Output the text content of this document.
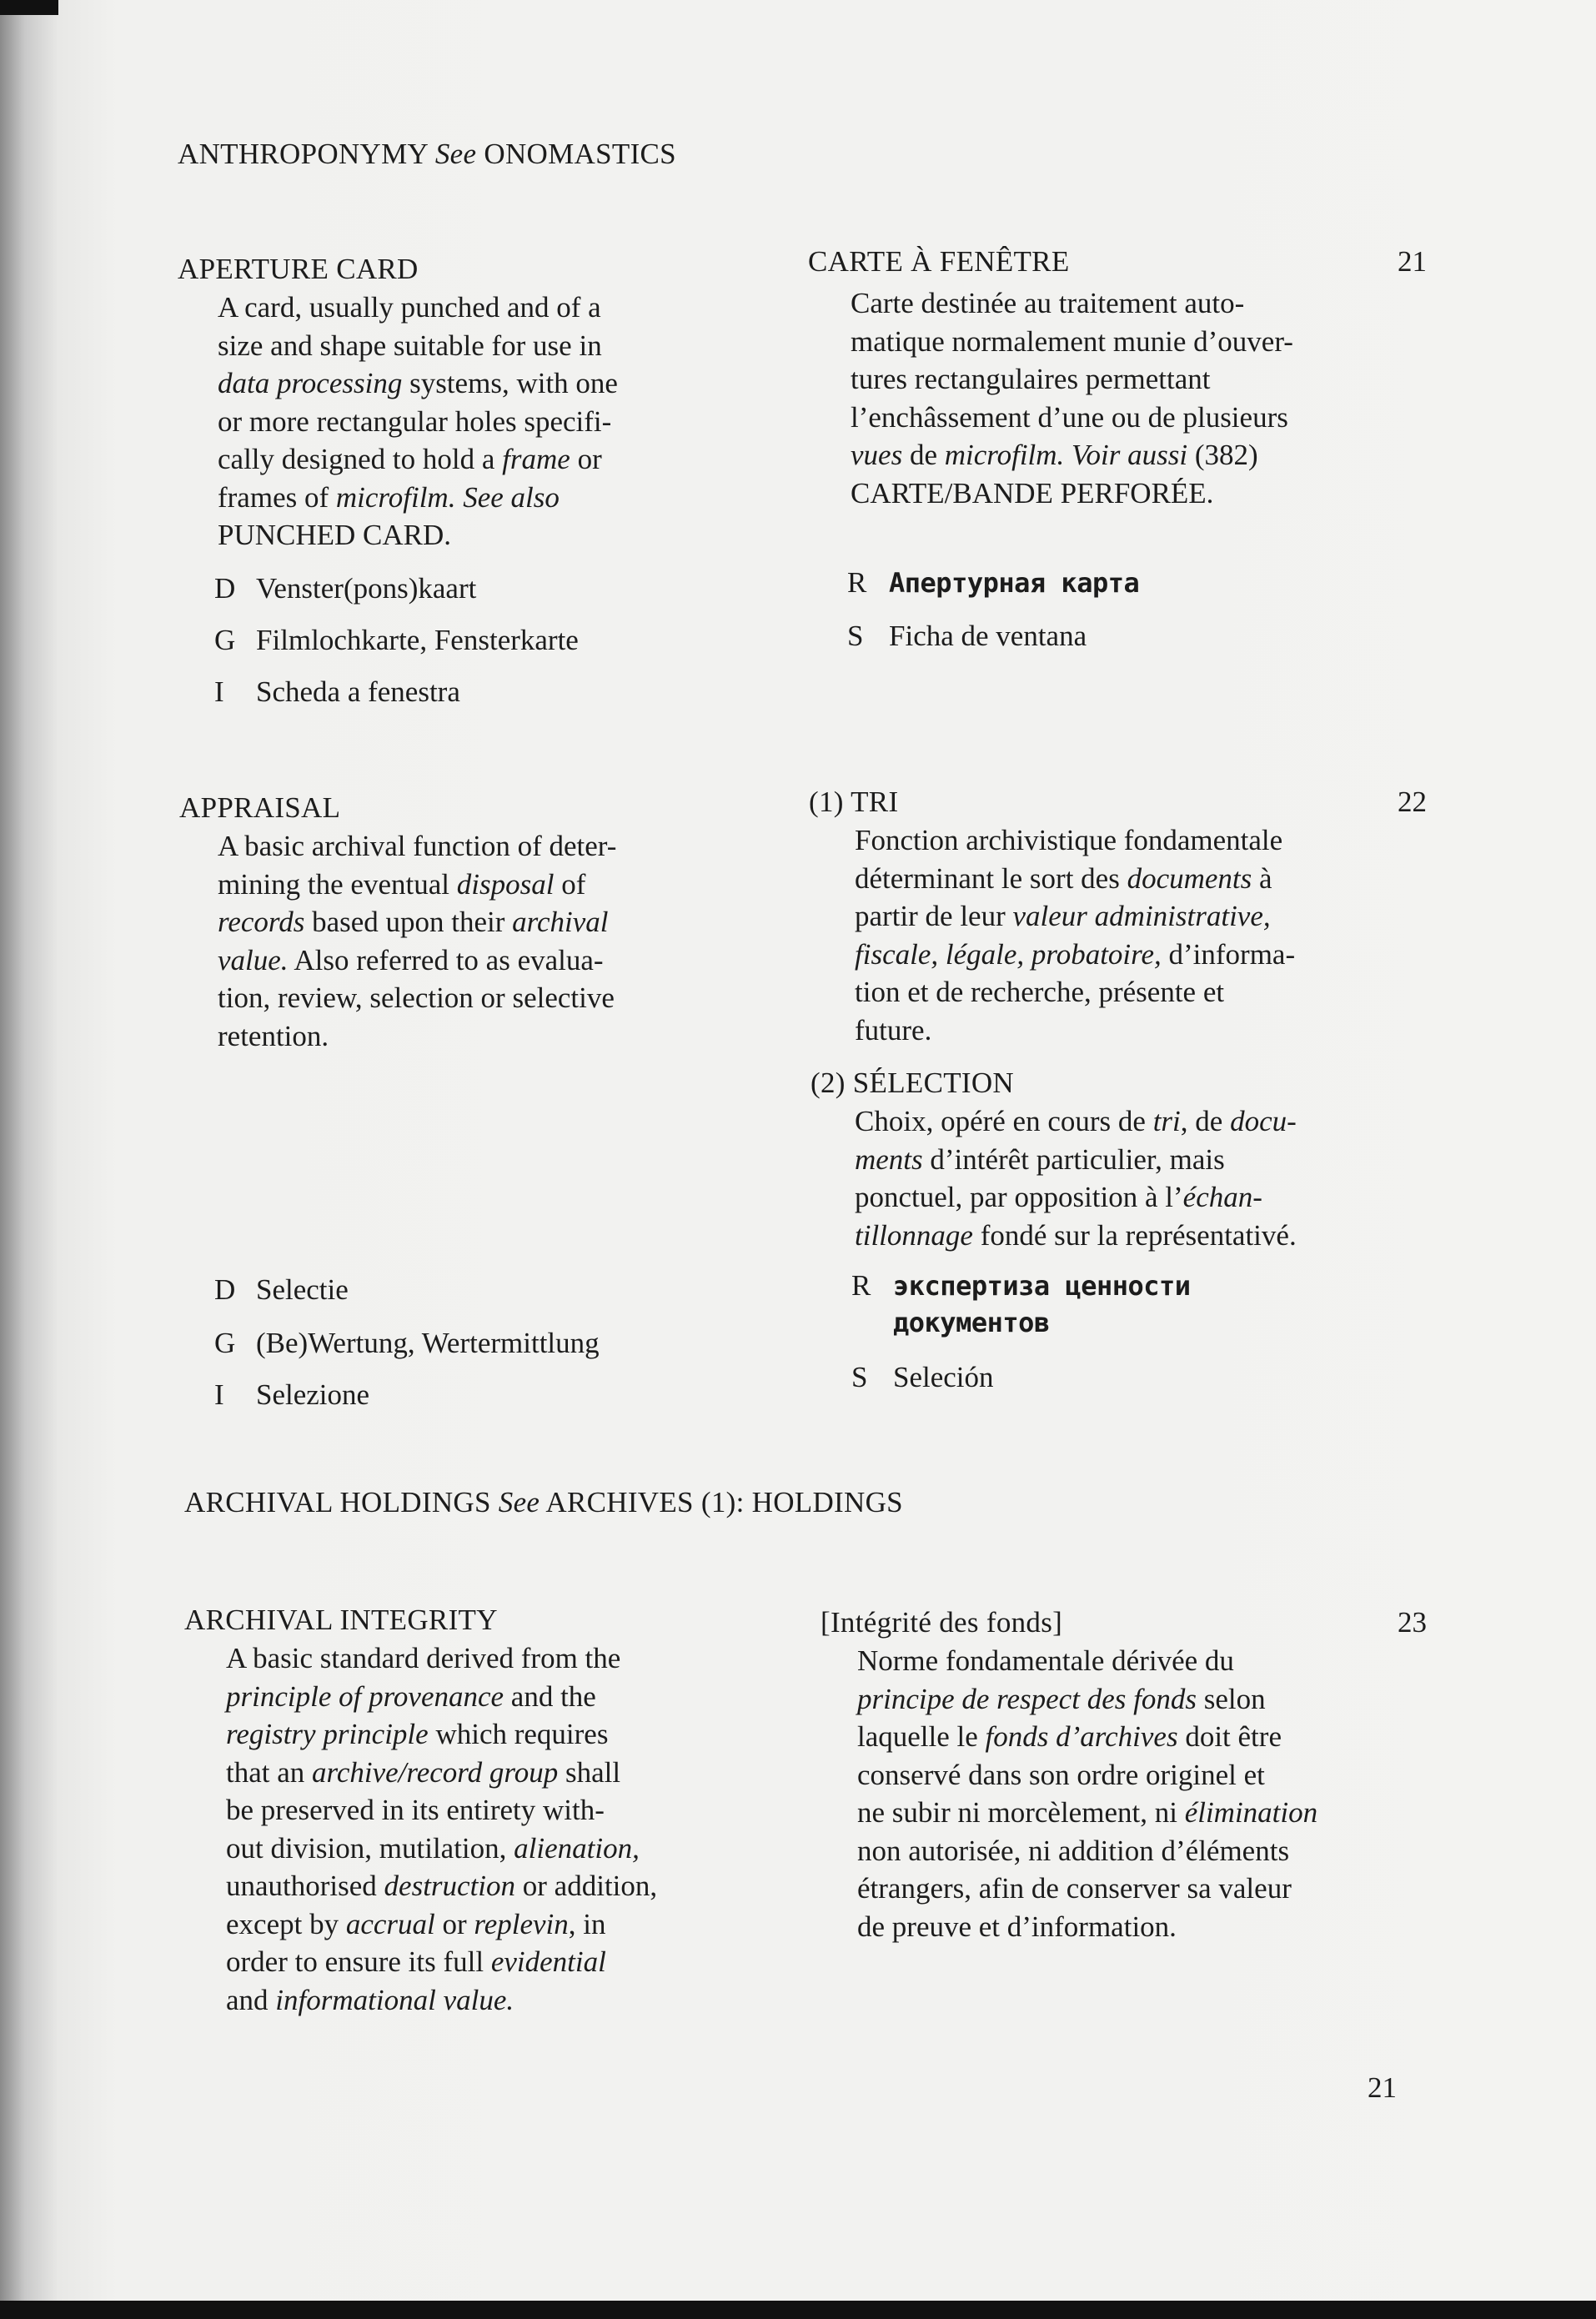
ANTHROPONYMY See ONOMASTICS
APERTURE CARD
A card, usually punched and of a
size and shape suitable for use in
data processing systems, with one
or more rectangular holes specifi-
cally designed to hold a frame or
frames of microfilm. See also
PUNCHED CARD.
D Venster(pons)kaart
G Filmlochkarte, Fensterkarte
I Scheda a fenestra
APPRAISAL
A basic archival function of deter-
mining the eventual disposal of
records based upon their archival
value. Also referred to as evalua-
tion, review, selection or selective
retention.
D Selectie
G (Be)Wertung, Wertermittlung
I Selezione
ARCHIVAL HOLDINGS See ARCHIVES (1): HOLDINGS
ARCHIVAL INTEGRITY
A basic standard derived from the
principle of provenance and the
registry principle which requires
that an archive/record group shall
be preserved in its entirety with-
out division, mutilation, alienation,
unauthorised destruction or addition,
except by accrual or replevin, in
order to ensure its full evidential
and informational value.
CARTE À FENÊTRE	21
Carte destinée au traitement auto-
matique normalement munie d’ouver-
tures rectangulaires permettant
l’enchâssement d’une ou de plusieurs
vues de microfilm. Voir aussi (382)
CARTE/BANDE PERFORÉE.
R Апертурная карта
S Ficha de ventana
(1) TRI	22
Fonction archivistique fondamentale
déterminant le sort des documents à
partir de leur valeur administrative,
fiscale, légale, probatoire, d’informa-
tion et de recherche, présente et
future.
(2) SÉLECTION
Choix, opéré en cours de tri, de docu-
ments d’intérêt particulier, mais
ponctuel, par opposition à l’échan-
tillonnage fondé sur la représentativé.
R экспертиза ценности
документов
S Seleción
[Intégrité des fonds]	23
Norme fondamentale dérivée du
principe de respect des fonds selon
laquelle le fonds d’archives doit être
conservé dans son ordre originel et
ne subir ni morcèlement, ni élimination
non autorisée, ni addition d’éléments
étrangers, afin de conserver sa valeur
de preuve et d’information.
21
